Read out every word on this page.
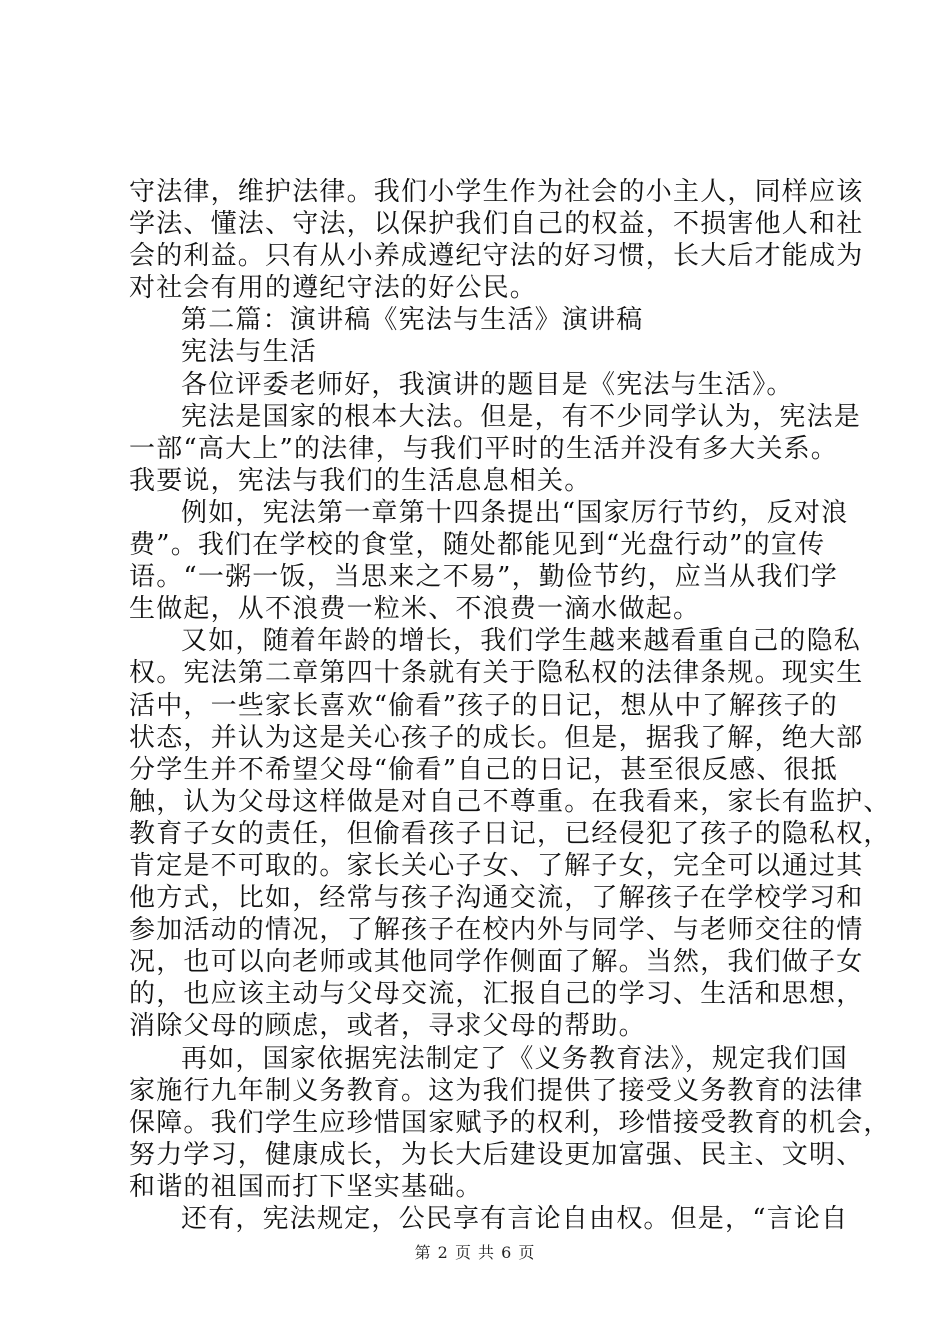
守法律，维护法律。我们小学生作为社会的小主人，同样应该
学法、懂法、守法，以保护我们自己的权益，不损害他人和社
会的利益。只有从小养成遵纪守法的好习惯，长大后才能成为
对社会有用的遵纪守法的好公民。
第二篇：演讲稿《宪法与生活》演讲稿
宪法与生活
各位评委老师好，我演讲的题目是《宪法与生活》。
宪法是国家的根本大法。但是，有不少同学认为，宪法是
一部“高大上”的法律，与我们平时的生活并没有多大关系。
我要说，宪法与我们的生活息息相关。
例如，宪法第一章第十四条提出“国家厉行节约，反对浪
费”。我们在学校的食堂，随处都能见到“光盘行动”的宣传
语。“一粥一饭，当思来之不易”，勤俭节约，应当从我们学
生做起，从不浪费一粒米、不浪费一滴水做起。
又如，随着年龄的增长，我们学生越来越看重自己的隐私
权。宪法第二章第四十条就有关于隐私权的法律条规。现实生
活中，一些家长喜欢“偷看”孩子的日记，想从中了解孩子的
状态，并认为这是关心孩子的成长。但是，据我了解，绝大部
分学生并不希望父母“偷看”自己的日记，甚至很反感、很抵
触，认为父母这样做是对自己不尊重。在我看来，家长有监护、
教育子女的责任，但偷看孩子日记，已经侵犯了孩子的隐私权，
肯定是不可取的。家长关心子女、了解子女，完全可以通过其
他方式，比如，经常与孩子沟通交流，了解孩子在学校学习和
参加活动的情况，了解孩子在校内外与同学、与老师交往的情
况，也可以向老师或其他同学作侧面了解。当然，我们做子女
的，也应该主动与父母交流，汇报自己的学习、生活和思想，
消除父母的顾虑，或者，寻求父母的帮助。
再如，国家依据宪法制定了《义务教育法》，规定我们国
家施行九年制义务教育。这为我们提供了接受义务教育的法律
保障。我们学生应珍惜国家赋予的权利，珍惜接受教育的机会，
努力学习，健康成长，为长大后建设更加富强、民主、文明、
和谐的祖国而打下坚实基础。
还有，宪法规定，公民享有言论自由权。但是，“言论自
第 2 页 共 6 页
